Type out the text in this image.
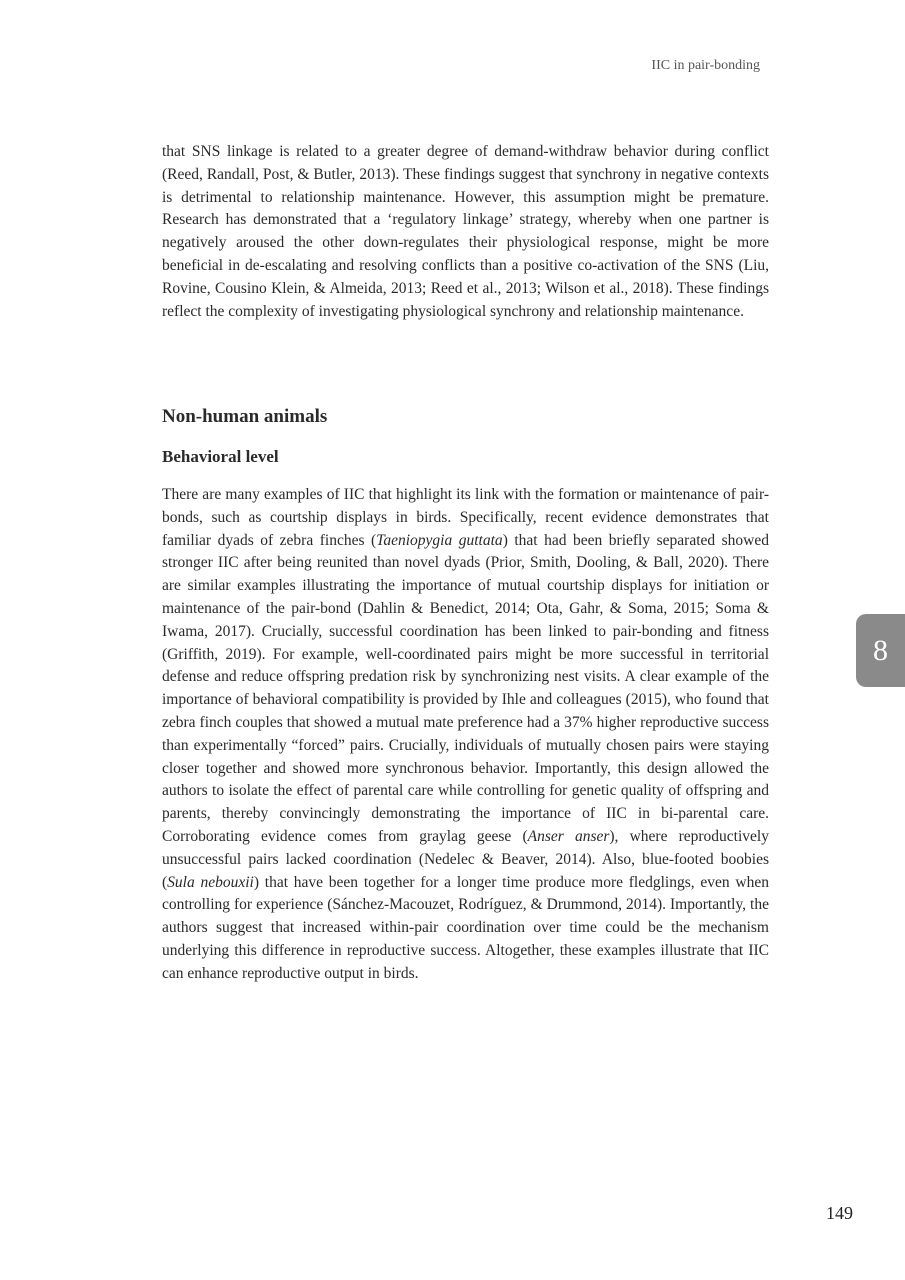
IIC in pair-bonding

that SNS linkage is related to a greater degree of demand-withdraw behavior during conflict (Reed, Randall, Post, & Butler, 2013). These findings suggest that synchrony in negative contexts is detrimental to relationship maintenance. However, this assumption might be premature. Research has demonstrated that a ‘regulatory linkage’ strategy, whereby when one partner is negatively aroused the other down-regulates their physiological response, might be more beneficial in de-escalating and resolving conflicts than a positive co-activation of the SNS (Liu, Rovine, Cousino Klein, & Almeida, 2013; Reed et al., 2013; Wilson et al., 2018). These findings reflect the complexity of investigating physiological synchrony and relationship maintenance.

Non-human animals
Behavioral level

There are many examples of IIC that highlight its link with the formation or maintenance of pair-bonds, such as courtship displays in birds. Specifically, recent evidence demonstrates that familiar dyads of zebra finches (Taeniopygia guttata) that had been briefly separated showed stronger IIC after being reunited than novel dyads (Prior, Smith, Dooling, & Ball, 2020). There are similar examples illustrating the importance of mutual courtship displays for initiation or maintenance of the pair-bond (Dahlin & Benedict, 2014; Ota, Gahr, & Soma, 2015; Soma & Iwama, 2017). Crucially, successful coordination has been linked to pair-bonding and fitness (Griffith, 2019). For example, well-coordinated pairs might be more successful in territorial defense and reduce offspring predation risk by synchronizing nest visits. A clear example of the importance of behavioral compatibility is provided by Ihle and colleagues (2015), who found that zebra finch couples that showed a mutual mate preference had a 37% higher reproductive success than experimentally “forced” pairs. Crucially, individuals of mutually chosen pairs were staying closer together and showed more synchronous behavior. Importantly, this design allowed the authors to isolate the effect of parental care while controlling for genetic quality of offspring and parents, thereby convincingly demonstrating the importance of IIC in bi-parental care. Corroborating evidence comes from graylag geese (Anser anser), where reproductively unsuccessful pairs lacked coordination (Nedelec & Beaver, 2014). Also, blue-footed boobies (Sula nebouxii) that have been together for a longer time produce more fledglings, even when controlling for experience (Sánchez-Macouzet, Rodríguez, & Drummond, 2014). Importantly, the authors suggest that increased within-pair coordination over time could be the mechanism underlying this difference in reproductive success. Altogether, these examples illustrate that IIC can enhance reproductive output in birds.

8
149
